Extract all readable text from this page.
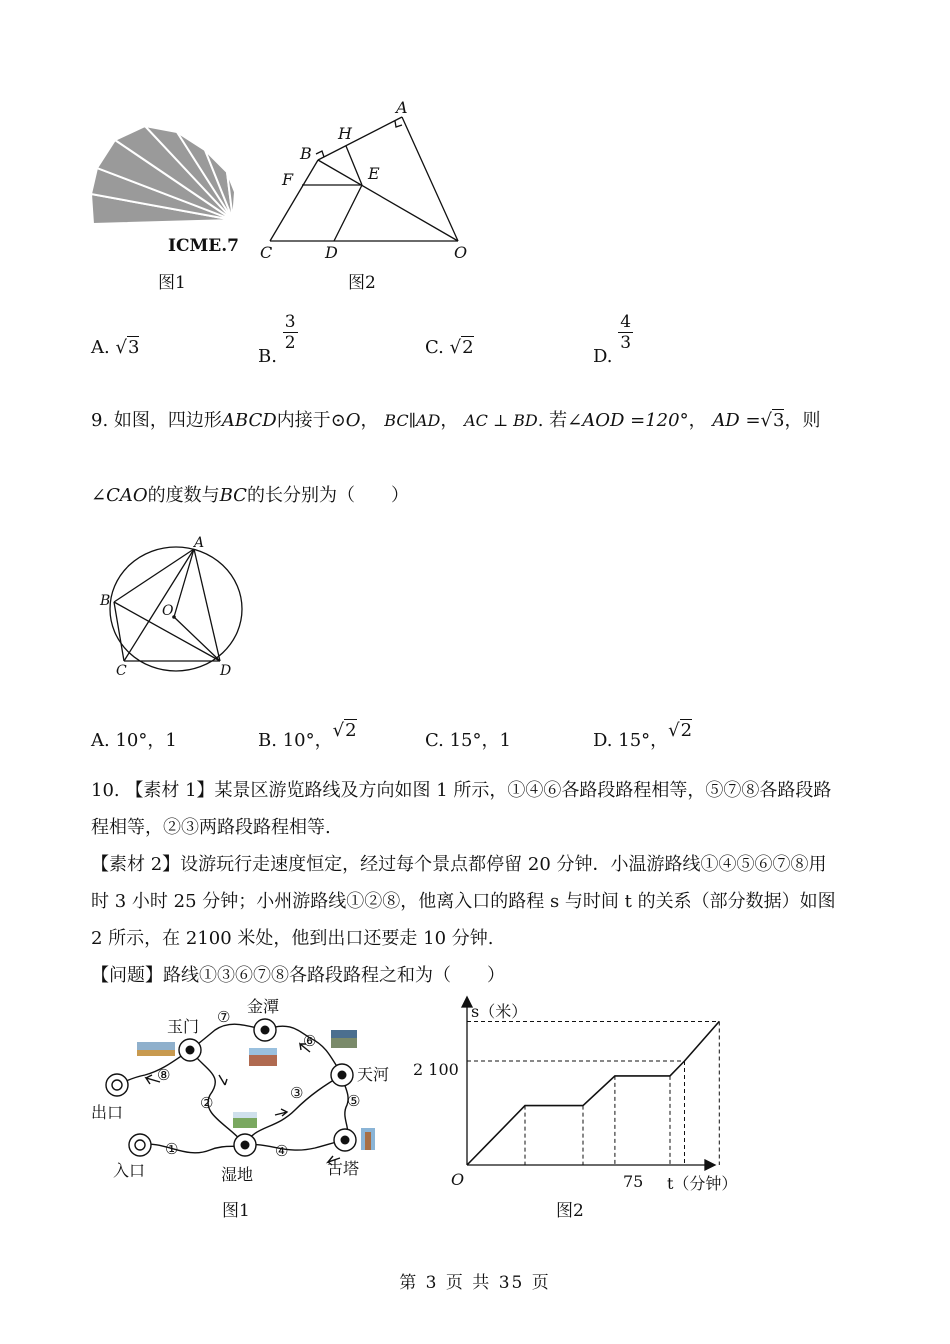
ICME.7
图1
A
H
B
E
F
C	D	O
图2
A. √3	B.
$\frac{3}{2}$	C. √2	D.
$\frac{4}{3}$
9. 如图，四边形ABCD内接于⊙O， BC∥AD， AC ⊥ BD. 若∠AOD =120°， AD =√3，则
∠CAO的度数与BC的长分别为（　　）
A
B
O
C	D
A. 10°，1	B. 10°，√2	C. 15°，1	D. 15°，√2
10. 【素材 1】某景区游览路线及方向如图 1 所示，①④⑥各路段路程相等，⑤⑦⑧各路段路
程相等，②③两路段路程相等.
【素材 2】设游玩行走速度恒定，经过每个景点都停留 20 分钟．小温游路线①④⑤⑥⑦⑧用
时 3 小时 25 分钟；小州游路线①②⑧，他离入口的路程 s 与时间 t 的关系（部分数据）如图
2 所示，在 2100 米处，他到出口还要走 10 分钟.
【问题】路线①③⑥⑦⑧各路段路程之和为（　　）
①
②
③
④
⑤
⑥
⑦
⑧
金潭
玉门
天河
出口
入口	湿地	古塔
图1
s（米）
t（分钟）
O
2 100
75
图2
第 3 页 共 35 页
